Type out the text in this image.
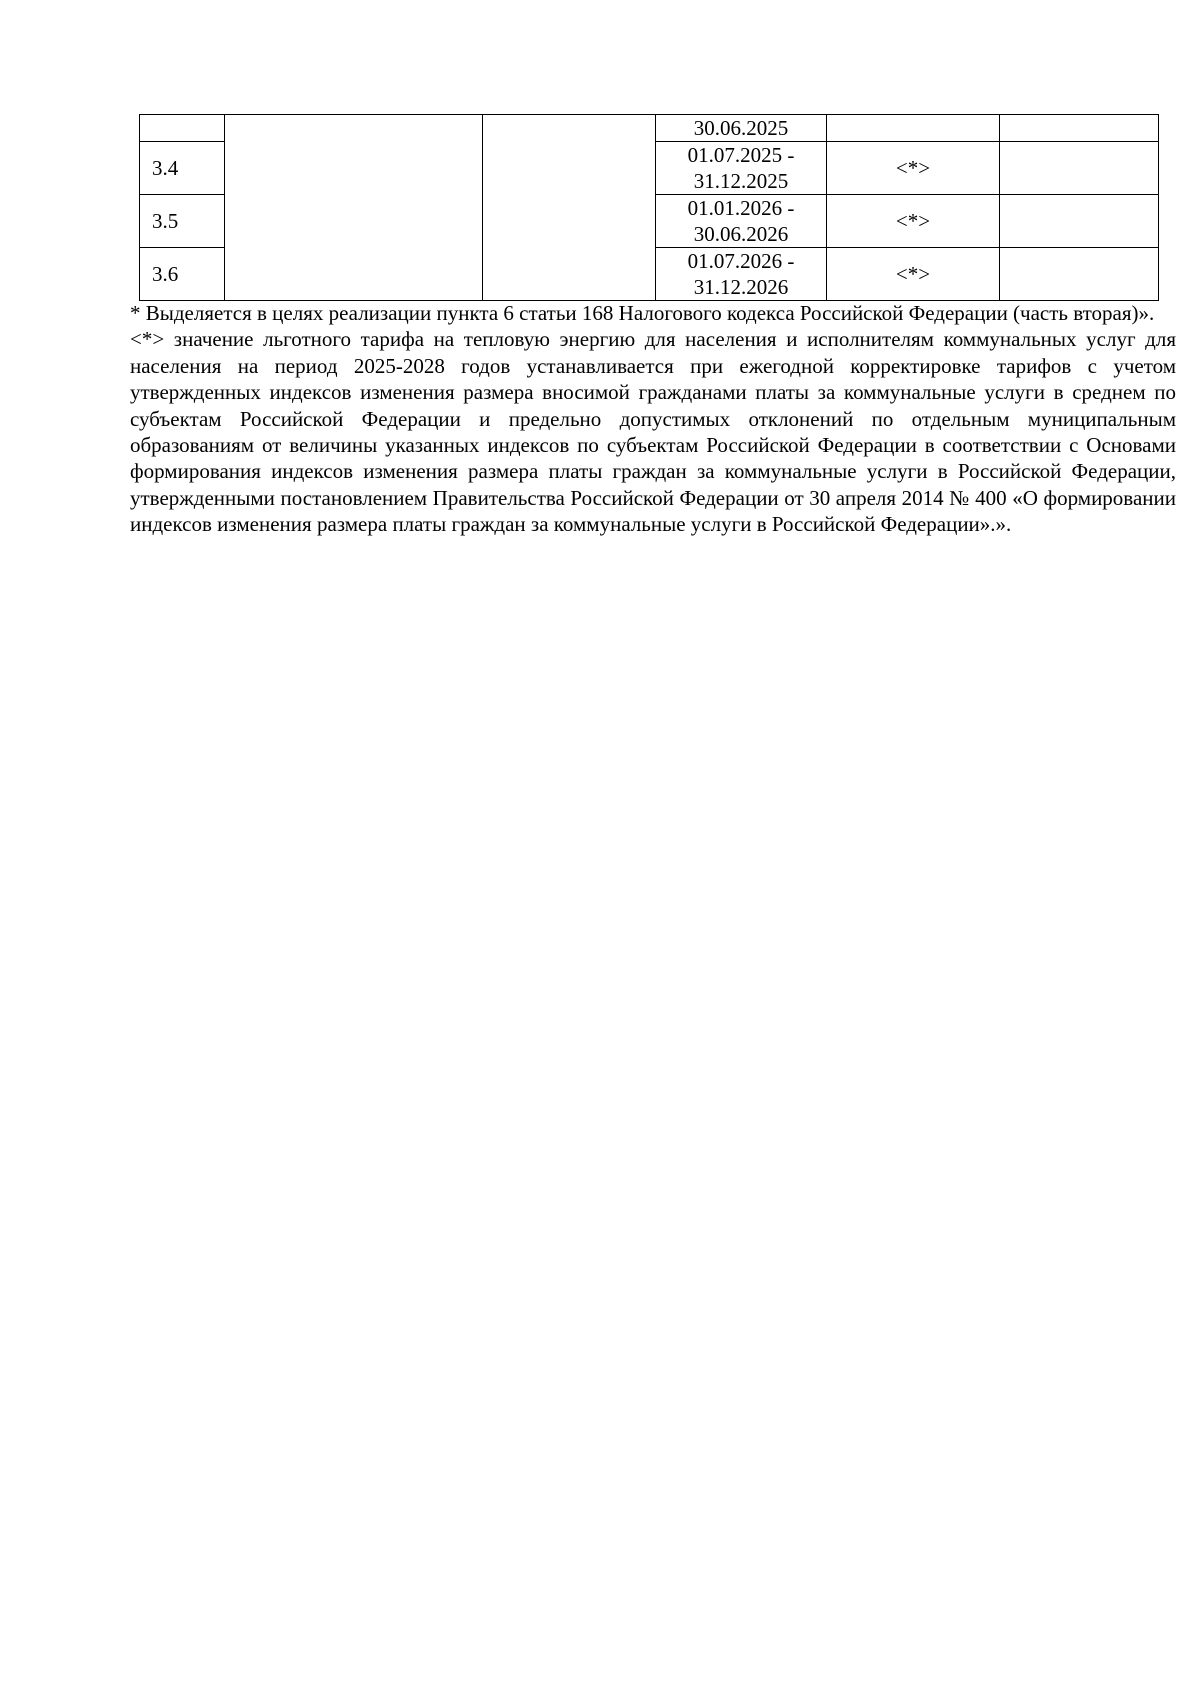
			30.06.2025		

3.4			01.07.2025 -
31.12.2025	<*>	
3.5			01.01.2026 -
30.06.2026	<*>	
3.6			01.07.2026 -
31.12.2026	<*>	

* Выделяется в целях реализации пункта 6 статьи 168 Налогового кодекса Российской Федерации (часть вторая)».

<*> значение льготного тарифа на тепловую энергию для населения и исполнителям коммунальных услуг для населения на период 2025-2028 годов устанавливается при ежегодной корректировке тарифов с учетом утвержденных индексов изменения размера вносимой гражданами платы за коммунальные услуги в среднем по субъектам Российской Федерации и предельно допустимых отклонений по отдельным муниципальным образованиям от величины указанных индексов по субъектам Российской Федерации в соответствии с Основами формирования индексов изменения размера платы граждан за коммунальные услуги в Российской Федерации, утвержденными постановлением Правительства Российской Федерации от 30 апреля 2014 № 400 «О формировании индексов изменения размера платы граждан за коммунальные услуги в Российской Федерации».».
